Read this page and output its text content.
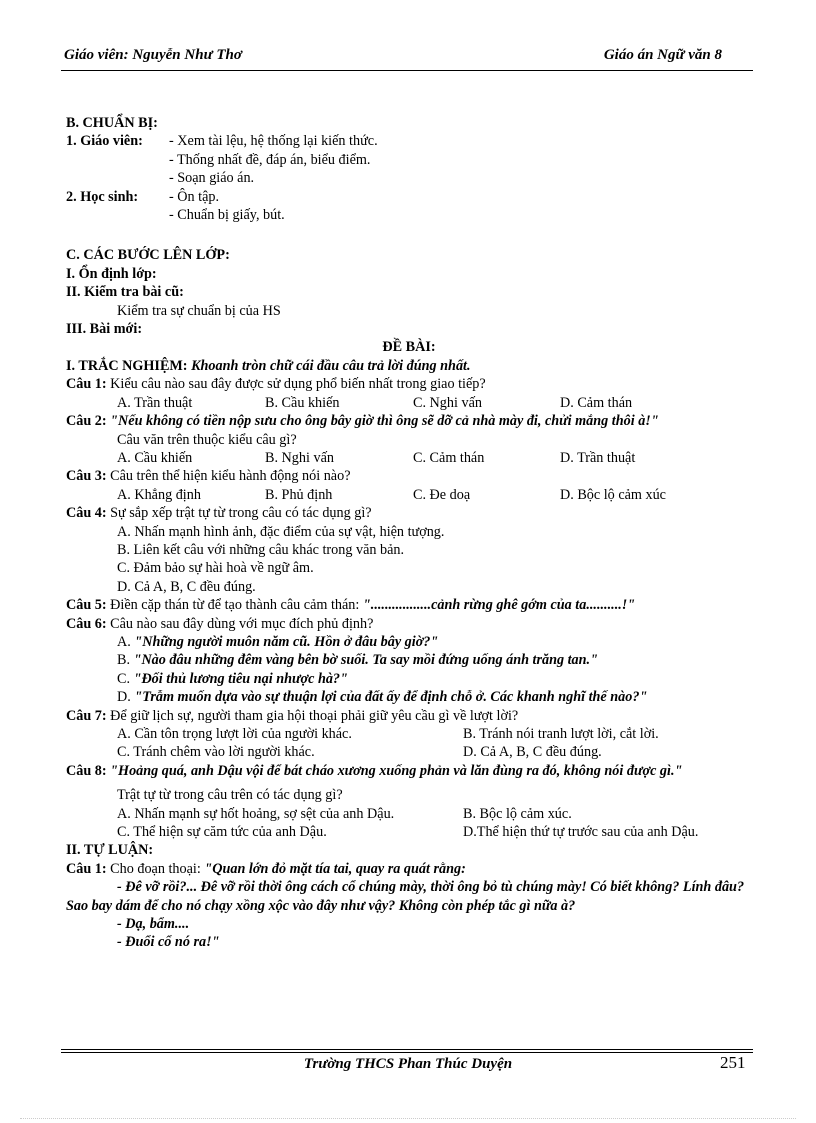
Giáo viên: Nguyễn Như Thơ	Giáo án Ngữ văn 8
B. CHUẨN BỊ:
1. Giáo viên: - Xem tài lệu, hệ thống lại kiến thức.
- Thống nhất đề, đáp án, biểu điểm.
- Soạn giáo án.
2. Học sinh: - Ôn tập.
- Chuẩn bị giấy, bút.
C. CÁC BƯỚC LÊN LỚP:
I. Ổn định lớp:
II. Kiểm tra bài cũ:
Kiểm tra sự chuẩn bị của HS
III. Bài mới:
ĐỀ BÀI:
I. TRẮC NGHIỆM: Khoanh tròn chữ cái đầu câu trả lời đúng nhất.
Câu 1: Kiểu câu nào sau đây được sử dụng phổ biến nhất trong giao tiếp?
A. Trần thuật	B. Cầu khiến	C. Nghi vấn	D. Cảm thán
Câu 2: "Nếu không có tiền nộp sưu cho ông bây giờ thì ông sẽ dỡ cả nhà mày đi, chửi mắng thôi à!"
Câu văn trên thuộc kiểu câu gì?
A. Cầu khiến	B. Nghi vấn	C. Cảm thán	D. Trần thuật
Câu 3: Câu trên thể hiện kiểu hành động nói nào?
A. Khẳng định	B. Phủ định	C. Đe doạ	D. Bộc lộ cảm xúc
Câu 4: Sự sắp xếp trật tự từ trong câu có tác dụng gì?
A. Nhấn mạnh hình ảnh, đặc điểm của sự vật, hiện tượng.
B. Liên kết câu với những câu khác trong văn bản.
C. Đảm bảo sự hài hoà về ngữ âm.
D. Cả A, B, C đều đúng.
Câu 5: Điền cặp thán từ để tạo thành câu cảm thán: ".................cảnh rừng ghê gớm của ta..........!"
Câu 6: Câu nào sau đây dùng với mục đích phủ định?
A. "Những người muôn năm cũ. Hồn ở đâu bây giờ?"
B. "Nào đâu những đêm vàng bên bờ suối. Ta say mồi đứng uống ánh trăng tan."
C. "Đối thủ lương tiêu nại nhược hà?"
D. "Trẫm muốn dựa vào sự thuận lợi của đất ấy để định chỗ ở. Các khanh nghĩ thế nào?"
Câu 7: Để giữ lịch sự, người tham gia hội thoại phải giữ yêu cầu gì về lượt lời?
A. Cần tôn trọng lượt lời của người khác.	B. Tránh nói tranh lượt lời, cắt lời.
C. Tránh chêm vào lời người khác.	D. Cả A, B, C đều đúng.
Câu 8: "Hoảng quá, anh Dậu vội để bát cháo xương xuống phản và lăn đùng ra đó, không nói được gì."
Trật tự từ trong câu trên có tác dụng gì?
A. Nhấn mạnh sự hốt hoảng, sợ sệt của anh Dậu.	B. Bộc lộ cảm xúc.
C. Thể hiện sự căm tức của anh Dậu.	D.Thể hiện thứ tự trước sau của anh Dậu.
II. TỰ LUẬN:
Câu 1: Cho đoạn thoại: "Quan lớn đỏ mặt tía tai, quay ra quát rằng:
- Đê vỡ rồi?... Đê vỡ rồi thời ông cách cổ chúng mày, thời ông bỏ tù chúng mày! Có biết không? Lính đâu? Sao bay dám để cho nó chạy xồng xộc vào đây như vậy? Không còn phép tắc gì nữa à?
- Dạ, bẩm....
- Đuổi cổ nó ra!"
Trường THCS Phan Thúc Duyện	251
